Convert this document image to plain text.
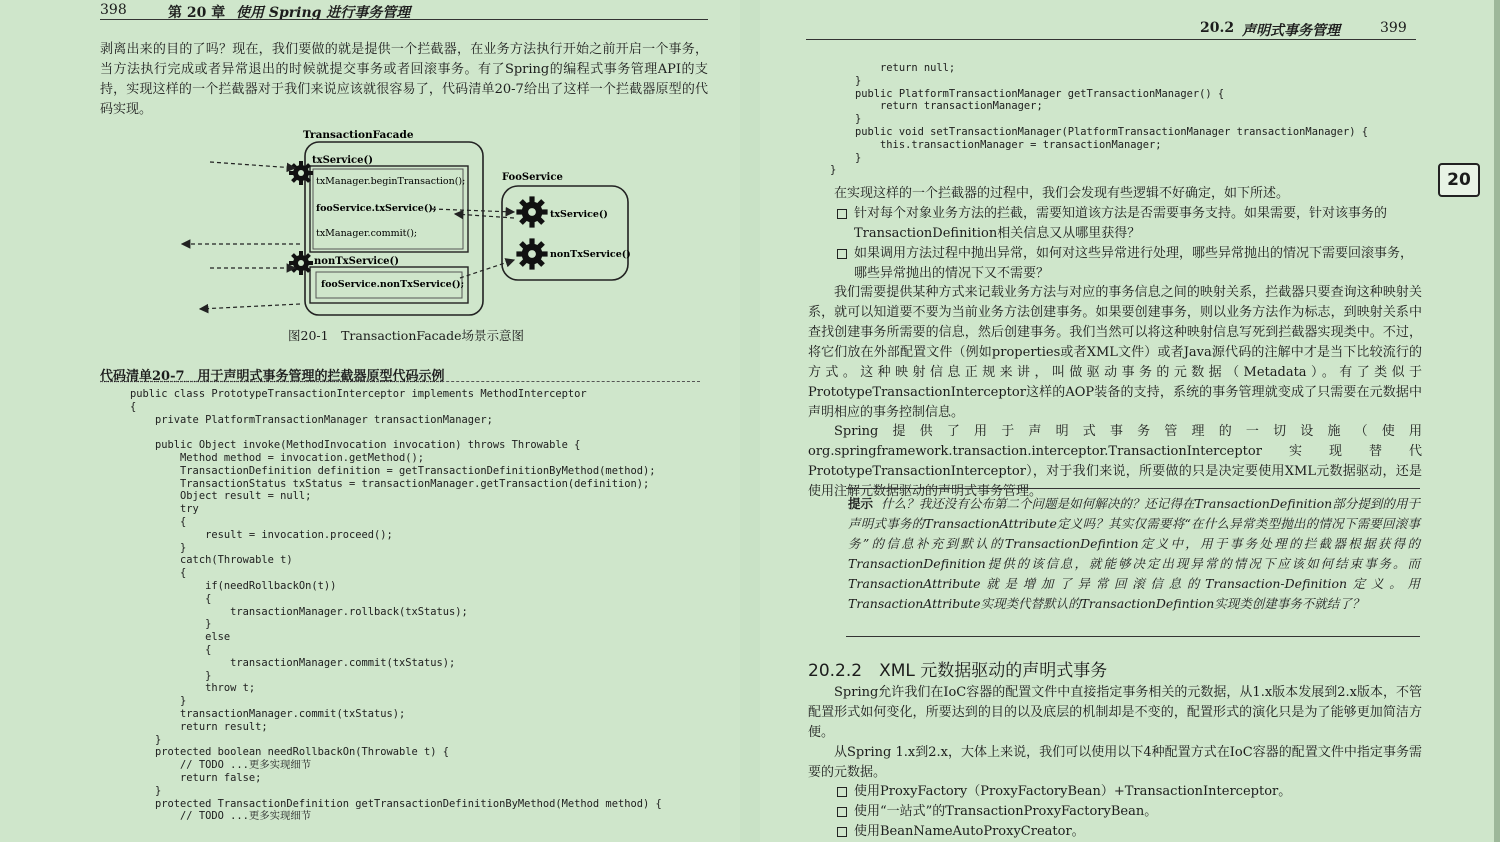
398	第 20 章 使用 Spring 进行事务管理

剥离出来的目的了吗？现在，我们要做的就是提供一个拦截器，在业务方法执行开始之前开启一个事务，当方法执行完成或者异常退出的时候就提交事务或者回滚事务。有了Spring的编程式事务管理API的支持，实现这样的一个拦截器对于我们来说应该就很容易了，代码清单20-7给出了这样一个拦截器原型的代码实现。

TransactionFacade
txService()
txManager.beginTransaction();
fooService.txService();
txManager.commit();
nonTxService()
fooService.nonTxService();
FooService
txService()
nonTxService()
图20-1　TransactionFacade场景示意图
代码清单20-7　用于声明式事务管理的拦截器原型代码示例
public class PrototypeTransactionInterceptor implements MethodInterceptor
{
private PlatformTransactionManager transactionManager;
public Object invoke(MethodInvocation invocation) throws Throwable {
Method method = invocation.getMethod();
TransactionDefinition definition = getTransactionDefinitionByMethod(method);
TransactionStatus txStatus = transactionManager.getTransaction(definition);
Object result = null;
try
{
result = invocation.proceed();
}
catch(Throwable t)
{
if(needRollbackOn(t))
{
transactionManager.rollback(txStatus);
}
else
{
transactionManager.commit(txStatus);
}
throw t;
}
transactionManager.commit(txStatus);
return result;
}
protected boolean needRollbackOn(Throwable t) {
// TODO ...更多实现细节
return false;
}
protected TransactionDefinition getTransactionDefinitionByMethod(Method method) {
// TODO ...更多实现细节
20.2 声明式事务管理	399
20
return null;
}
public PlatformTransactionManager getTransactionManager() {
return transactionManager;
}
public void setTransactionManager(PlatformTransactionManager transactionManager) {
this.transactionManager = transactionManager;
}
}

在实现这样的一个拦截器的过程中，我们会发现有些逻辑不好确定，如下所述。

针对每个对象业务方法的拦截，需要知道该方法是否需要事务支持。如果需要，针对该事务的TransactionDefinition相关信息又从哪里获得？
如果调用方法过程中抛出异常，如何对这些异常进行处理，哪些异常抛出的情况下需要回滚事务，哪些异常抛出的情况下又不需要？

我们需要提供某种方式来记载业务方法与对应的事务信息之间的映射关系，拦截器只要查询这种映射关系，就可以知道要不要为当前业务方法创建事务。如果要创建事务，则以业务方法作为标志，到映射关系中查找创建事务所需要的信息，然后创建事务。我们当然可以将这种映射信息写死到拦截器实现类中。不过，将它们放在外部配置文件（例如properties或者XML文件）或者Java源代码的注解中才是当下比较流行的方式。这种映射信息正规来讲，叫做驱动事务的元数据（Metadata）。有了类似于PrototypeTransactionInterceptor这样的AOP装备的支持，系统的事务管理就变成了只需要在元数据中声明相应的事务控制信息。

Spring提供了用于声明式事务管理的一切设施（使用org.springframework.transaction.interceptor.TransactionInterceptor实现替代PrototypeTransactionInterceptor），对于我们来说，所要做的只是决定要使用XML元数据驱动，还是使用注解元数据驱动的声明式事务管理。

提示 什么？我还没有公布第二个问题是如何解决的？还记得在TransactionDefinition部分提到的用于声明式事务的TransactionAttribute定义吗？其实仅需要将“在什么异常类型抛出的情况下需要回滚事务”的信息补充到默认的TransactionDefintion定义中，用于事务处理的拦截器根据获得的TransactionDefinition提供的该信息，就能够决定出现异常的情况下应该如何结束事务。而TransactionAttribute就是增加了异常回滚信息的Transaction-Definition定义。用TransactionAttribute实现类代替默认的TransactionDefintion实现类创建事务不就结了？
20.2.2　XML 元数据驱动的声明式事务

Spring允许我们在IoC容器的配置文件中直接指定事务相关的元数据，从1.x版本发展到2.x版本，不管配置形式如何变化，所要达到的目的以及底层的机制却是不变的，配置形式的演化只是为了能够更加简洁方便。

从Spring 1.x到2.x，大体上来说，我们可以使用以下4种配置方式在IoC容器的配置文件中指定事务需要的元数据。

使用ProxyFactory（ProxyFactoryBean）+TransactionInterceptor。
使用“一站式”的TransactionProxyFactoryBean。
使用BeanNameAutoProxyCreator。
